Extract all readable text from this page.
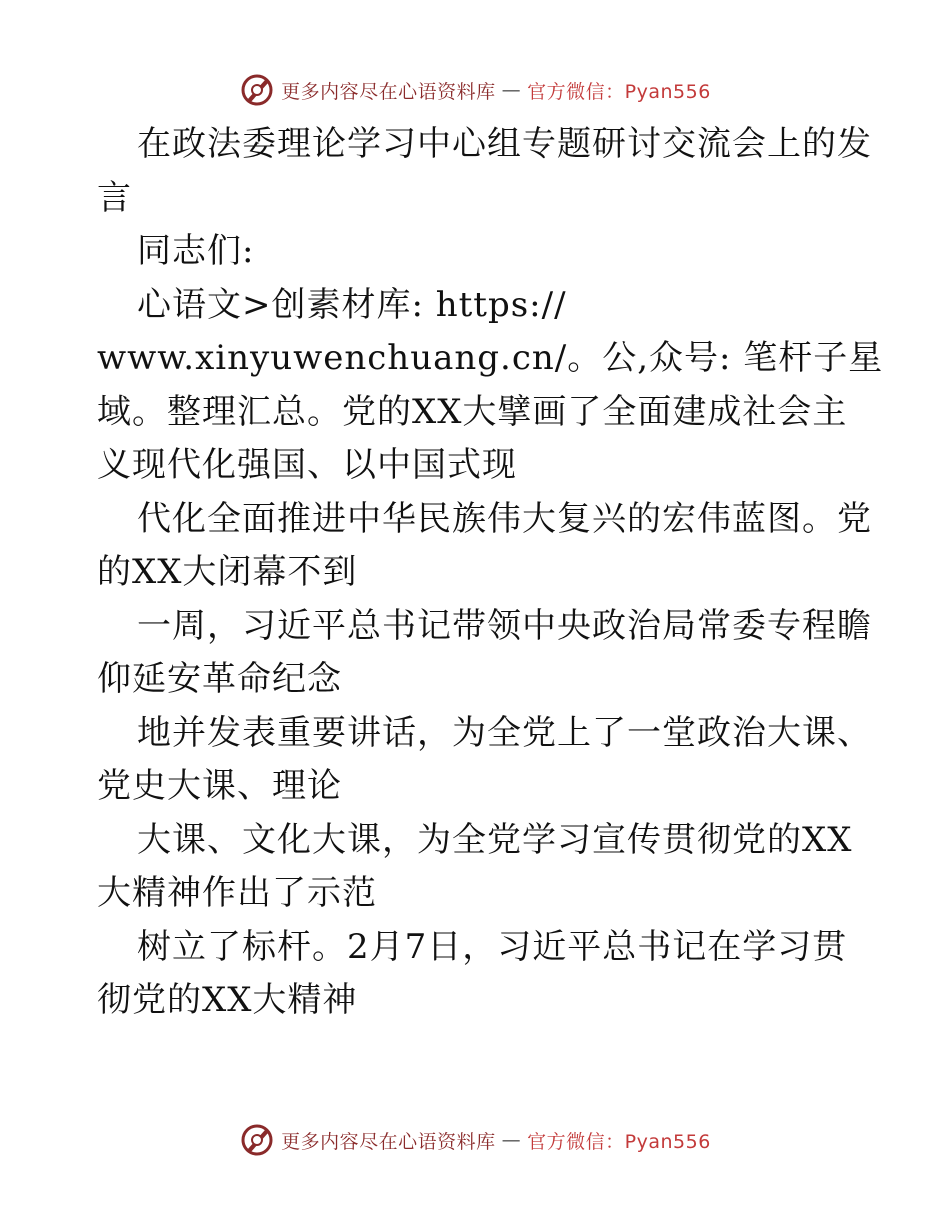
更多内容尽在心语资料库 — 官方微信：Pyan556
在政法委理论学习中心组专题研讨交流会上的发
言
同志们:
心语文>创素材库: https://
www.xinyuwenchuang.cn/。公,众号: 笔杆子星
域。整理汇总。党的XX大擘画了全面建成社会主
义现代化强国、以中国式现
代化全面推进中华民族伟大复兴的宏伟蓝图。党
的XX大闭幕不到
一周，习近平总书记带领中央政治局常委专程瞻
仰延安革命纪念
地并发表重要讲话，为全党上了一堂政治大课、
党史大课、理论
大课、文化大课，为全党学习宣传贯彻党的XX
大精神作出了示范
树立了标杆。2月7日，习近平总书记在学习贯
彻党的XX大精神
更多内容尽在心语资料库 — 官方微信：Pyan556
